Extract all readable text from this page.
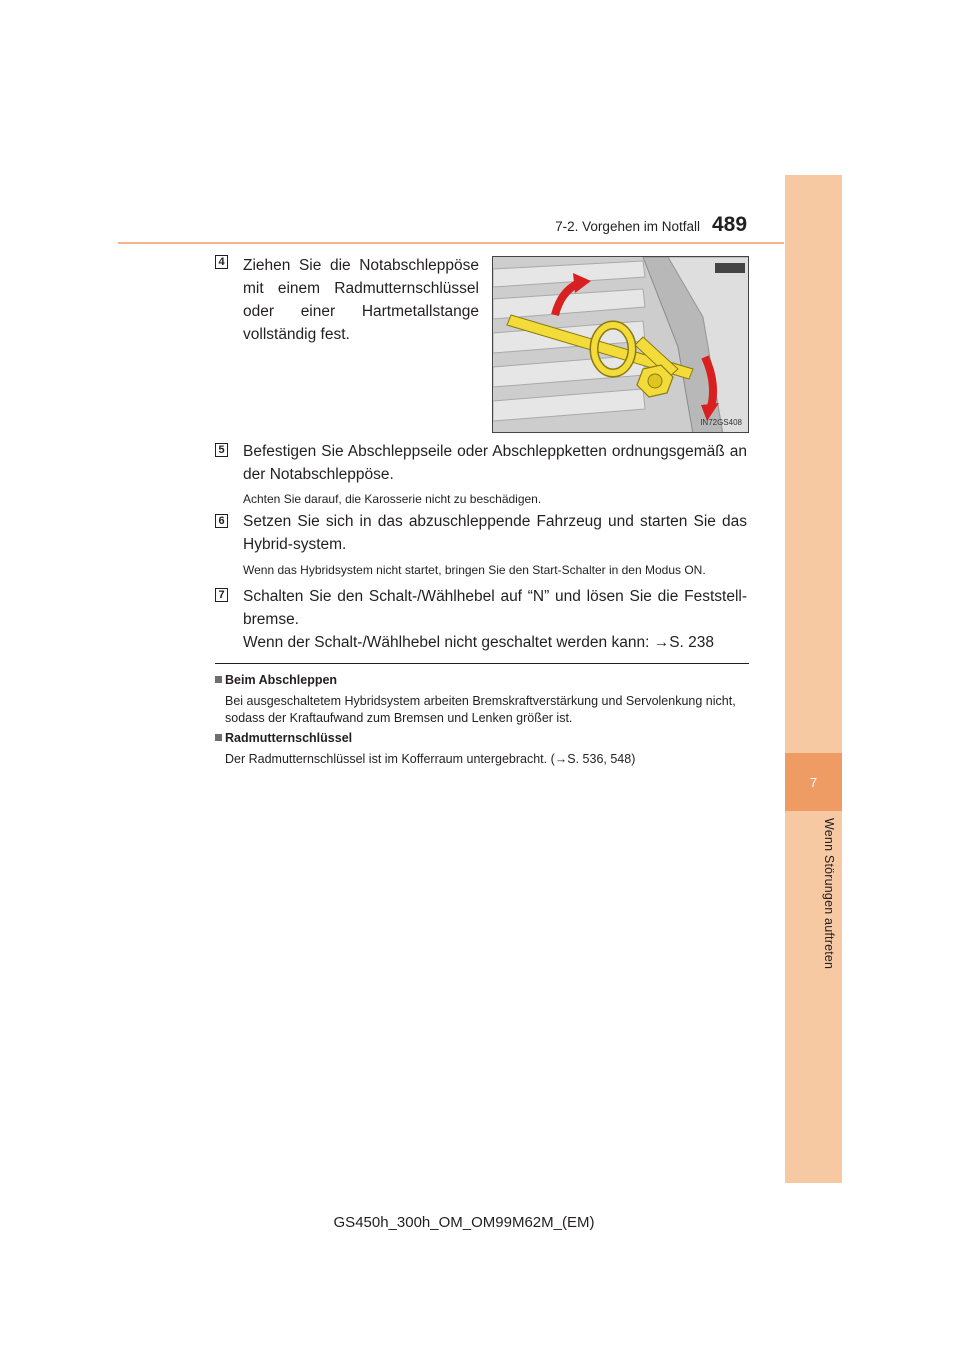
7
Wenn Störungen auftreten
7-2. Vorgehen im Notfall 489
4 Ziehen Sie die Notabschleppöse mit einem Radmutternschlüssel oder einer Hartmetallstange vollständig fest.
IN72GS408
5 Befestigen Sie Abschleppseile oder Abschleppketten ordnungsgemäß an der Notabschleppöse.
Achten Sie darauf, die Karosserie nicht zu beschädigen.
6 Setzen Sie sich in das abzuschleppende Fahrzeug und starten Sie das Hybrid-system.
Wenn das Hybridsystem nicht startet, bringen Sie den Start-Schalter in den Modus ON.
7 Schalten Sie den Schalt-/Wählhebel auf “N” und lösen Sie die Feststell-bremse.
Wenn der Schalt-/Wählhebel nicht geschaltet werden kann: →S. 238
Beim Abschleppen
Bei ausgeschaltetem Hybridsystem arbeiten Bremskraftverstärkung und Servolenkung nicht, sodass der Kraftaufwand zum Bremsen und Lenken größer ist.
Radmutternschlüssel
Der Radmutternschlüssel ist im Kofferraum untergebracht. (→S. 536, 548)
GS450h_300h_OM_OM99M62M_(EM)
